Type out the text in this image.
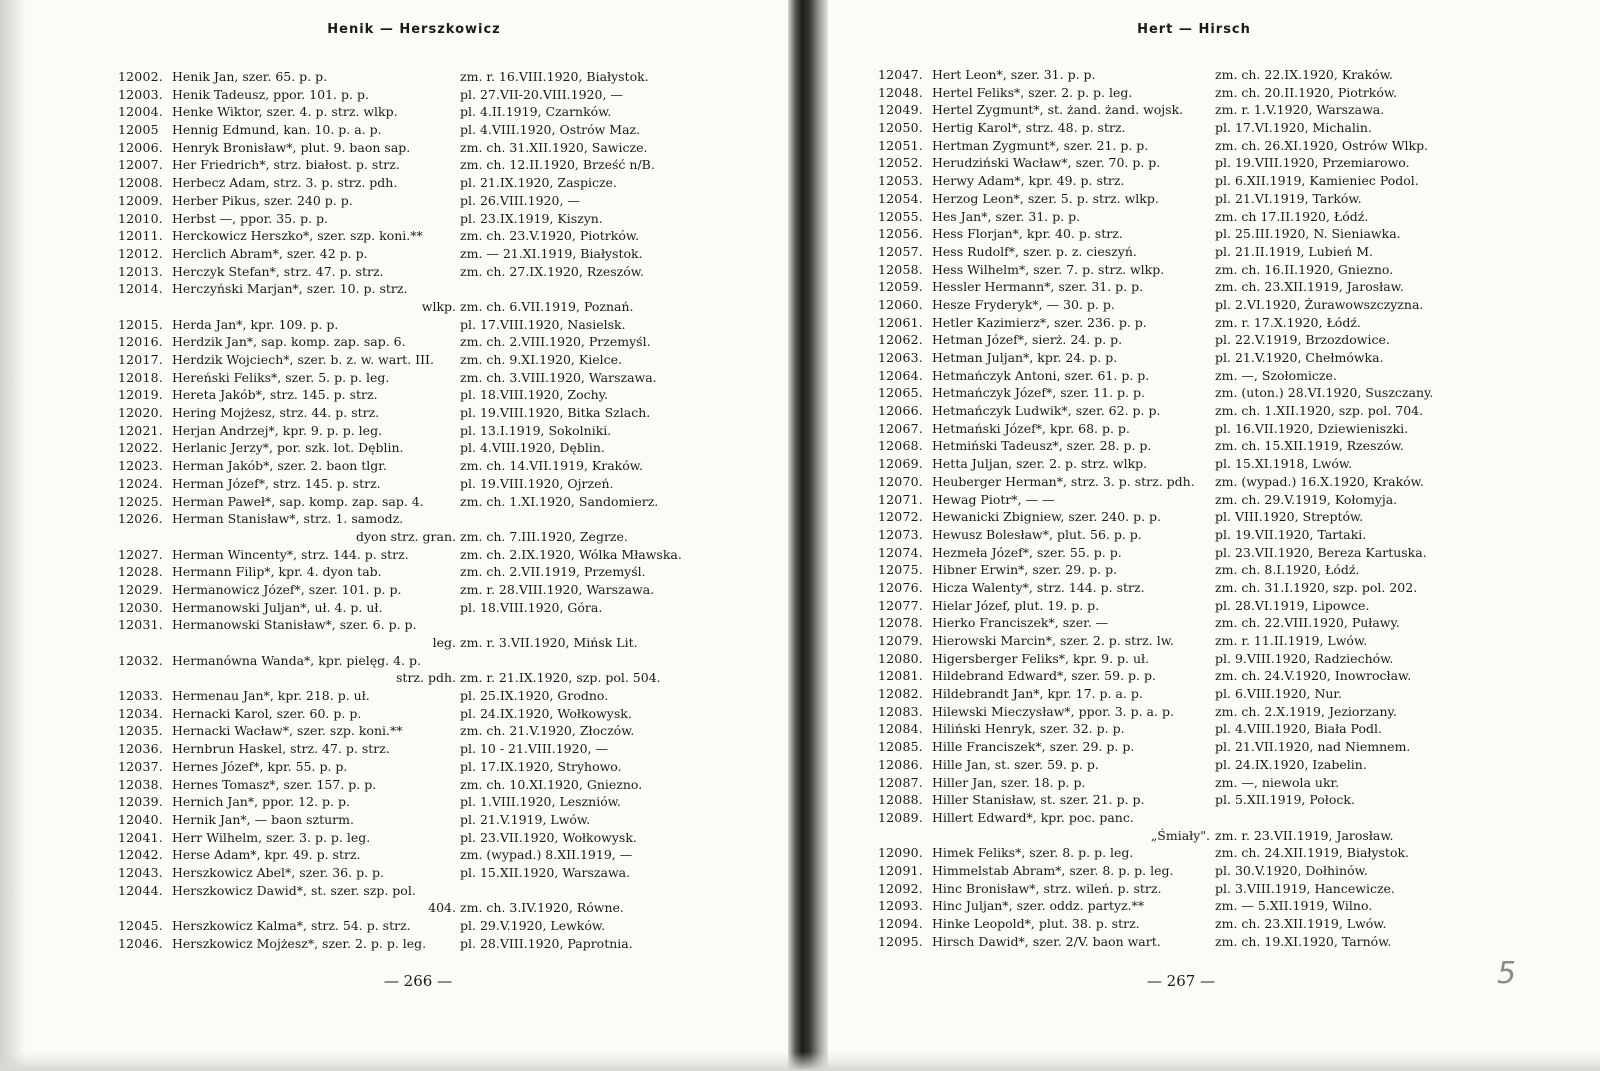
Henik — Herszkowicz
12002. Henik Jan, szer. 65. p. p.	zm. r. 16.VIII.1920, Białystok.
12003. Henik Tadeusz, ppor. 101. p. p.	pl. 27.VII-20.VIII.1920, —
12004. Henke Wiktor, szer. 4. p. strz. wlkp.	pl. 4.II.1919, Czarnków.
12005	Hennig Edmund, kan. 10. p. a. p.	pl. 4.VIII.1920, Ostrów Maz.
12006. Henryk Bronisław*, plut. 9. baon sap.	zm. ch. 31.XII.1920, Sawicze.
12007. Her Friedrich*, strz. białost. p. strz.	zm. ch. 12.II.1920, Brześć n/B.
12008. Herbecz Adam, strz. 3. p. strz. pdh.	pl. 21.IX.1920, Zaspicze.
12009. Herber Pikus, szer. 240 p. p.	pl. 26.VIII.1920, —
12010. Herbst —, ppor. 35. p. p.	pl. 23.IX.1919, Kiszyn.
12011. Herckowicz Herszko*, szer. szp. koni.**	zm. ch. 23.V.1920, Piotrków.
12012. Herclich Abram*, szer. 42 p. p.	zm. — 21.XI.1919, Białystok.
12013. Herczyk Stefan*, strz. 47. p. strz.	zm. ch. 27.IX.1920, Rzeszów.
12014. Herczyński Marjan*, szer. 10. p. strz.
wlkp. zm. ch. 6.VII.1919, Poznań.
12015. Herda Jan*, kpr. 109. p. p.	pl. 17.VIII.1920, Nasielsk.
12016. Herdzik Jan*, sap. komp. zap. sap. 6.	zm. ch. 2.VIII.1920, Przemyśl.
12017. Herdzik Wojciech*, szer. b. z. w. wart. III. zm. ch. 9.XI.1920, Kielce.
12018. Hereński Feliks*, szer. 5. p. p. leg.	zm. ch. 3.VIII.1920, Warszawa.
12019. Hereta Jakób*, strz. 145. p. strz.	pl. 18.VIII.1920, Zochy.
12020. Hering Mojżesz, strz. 44. p. strz.	pl. 19.VIII.1920, Bitka Szlach.
12021. Herjan Andrzej*, kpr. 9. p. p. leg.	pl. 13.I.1919, Sokolniki.
12022. Herlanic Jerzy*, por. szk. lot. Dęblin.	pl. 4.VIII.1920, Dęblin.
12023. Herman Jakób*, szer. 2. baon tlgr.	zm. ch. 14.VII.1919, Kraków.
12024. Herman Józef*, strz. 145. p. strz.	pl. 19.VIII.1920, Ojrzeń.
12025. Herman Paweł*, sap. komp. zap. sap. 4.	zm. ch. 1.XI.1920, Sandomierz.
12026. Herman Stanisław*, strz. 1. samodz.
dyon strz. gran. zm. ch. 7.III.1920, Zegrze.
12027. Herman Wincenty*, strz. 144. p. strz.	zm. ch. 2.IX.1920, Wólka Mławska.
12028. Hermann Filip*, kpr. 4. dyon tab.	zm. ch. 2.VII.1919, Przemyśl.
12029. Hermanowicz Józef*, szer. 101. p. p.	zm. r. 28.VIII.1920, Warszawa.
12030. Hermanowski Juljan*, uł. 4. p. uł.	pl. 18.VIII.1920, Góra.
12031. Hermanowski Stanisław*, szer. 6. p. p.
leg. zm. r. 3.VII.1920, Mińsk Lit.
12032. Hermanówna Wanda*, kpr. pielęg. 4. p.
strz. pdh. zm. r. 21.IX.1920, szp. pol. 504.
12033. Hermenau Jan*, kpr. 218. p. uł.	pl. 25.IX.1920, Grodno.
12034. Hernacki Karol, szer. 60. p. p.	pl. 24.IX.1920, Wołkowysk.
12035. Hernacki Wacław*, szer. szp. koni.**	zm. ch. 21.V.1920, Złoczów.
12036. Hernbrun Haskel, strz. 47. p. strz.	pl. 10 - 21.VIII.1920, —
12037. Hernes Józef*, kpr. 55. p. p.	pl. 17.IX.1920, Stryhowo.
12038. Hernes Tomasz*, szer. 157. p. p.	zm. ch. 10.XI.1920, Gniezno.
12039. Hernich Jan*, ppor. 12. p. p.	pl. 1.VIII.1920, Leszniów.
12040. Hernik Jan*, — baon szturm.	pl. 21.V.1919, Lwów.
12041. Herr Wilhelm, szer. 3. p. p. leg.	pl. 23.VII.1920, Wołkowysk.
12042. Herse Adam*, kpr. 49. p. strz.	zm. (wypad.) 8.XII.1919, —
12043. Herszkowicz Abel*, szer. 36. p. p.	pl. 15.XII.1920, Warszawa.
12044. Herszkowicz Dawid*, st. szer. szp. pol.
404. zm. ch. 3.IV.1920, Równe.
12045. Herszkowicz Kalma*, strz. 54. p. strz.	pl. 29.V.1920, Lewków.
12046. Herszkowicz Mojżesz*, szer. 2. p. p. leg.	pl. 28.VIII.1920, Paprotnia.
— 266 —
Hert — Hirsch
12047. Hert Leon*, szer. 31. p. p.	zm. ch. 22.IX.1920, Kraków.
12048. Hertel Feliks*, szer. 2. p. p. leg.	zm. ch. 20.II.1920, Piotrków.
12049. Hertel Zygmunt*, st. żand. żand. wojsk.	zm. r. 1.V.1920, Warszawa.
12050. Hertig Karol*, strz. 48. p. strz.	pl. 17.VI.1920, Michalin.
12051. Hertman Zygmunt*, szer. 21. p. p.	zm. ch. 26.XI.1920, Ostrów Wlkp.
12052. Herudziński Wacław*, szer. 70. p. p.	pl. 19.VIII.1920, Przemiarowo.
12053. Herwy Adam*, kpr. 49. p. strz.	pl. 6.XII.1919, Kamieniec Podol.
12054. Herzog Leon*, szer. 5. p. strz. wlkp.	pl. 21.VI.1919, Tarków.
12055. Hes Jan*, szer. 31. p. p.	zm. ch 17.II.1920, Łódź.
12056. Hess Florjan*, kpr. 40. p. strz.	pl. 25.III.1920, N. Sieniawka.
12057. Hess Rudolf*, szer. p. z. cieszyń.	pl. 21.II.1919, Lubień M.
12058. Hess Wilhelm*, szer. 7. p. strz. wlkp.	zm. ch. 16.II.1920, Gniezno.
12059. Hessler Hermann*, szer. 31. p. p.	zm. ch. 23.XII.1919, Jarosław.
12060. Hesze Fryderyk*, — 30. p. p.	pl. 2.VI.1920, Żurawowszczyzna.
12061. Hetler Kazimierz*, szer. 236. p. p.	zm. r. 17.X.1920, Łódź.
12062. Hetman Józef*, sierż. 24. p. p.	pl. 22.V.1919, Brzozdowice.
12063. Hetman Juljan*, kpr. 24. p. p.	pl. 21.V.1920, Chełmówka.
12064. Hetmańczyk Antoni, szer. 61. p. p.	zm. —, Szołomicze.
12065. Hetmańczyk Józef*, szer. 11. p. p.	zm. (uton.) 28.VI.1920, Suszczany.
12066. Hetmańczyk Ludwik*, szer. 62. p. p.	zm. ch. 1.XII.1920, szp. pol. 704.
12067. Hetmański Józef*, kpr. 68. p. p.	pl. 16.VII.1920, Dziewieniszki.
12068. Hetmiński Tadeusz*, szer. 28. p. p.	zm. ch. 15.XII.1919, Rzeszów.
12069. Hetta Juljan, szer. 2. p. strz. wlkp.	pl. 15.XI.1918, Lwów.
12070. Heuberger Herman*, strz. 3. p. strz. pdh. zm. (wypad.) 16.X.1920, Kraków.
12071. Hewag Piotr*, — —	zm. ch. 29.V.1919, Kołomyja.
12072. Hewanicki Zbigniew, szer. 240. p. p.	pl. VIII.1920, Streptów.
12073. Hewusz Bolesław*, plut. 56. p. p.	pl. 19.VII.1920, Tartaki.
12074. Hezmeła Józef*, szer. 55. p. p.	pl. 23.VII.1920, Bereza Kartuska.
12075. Hibner Erwin*, szer. 29. p. p.	zm. ch. 8.I.1920, Łódź.
12076. Hicza Walenty*, strz. 144. p. strz.	zm. ch. 31.I.1920, szp. pol. 202.
12077. Hielar Józef, plut. 19. p. p.	pl. 28.VI.1919, Lipowce.
12078. Hierko Franciszek*, szer. —	zm. ch. 22.VIII.1920, Puławy.
12079. Hierowski Marcin*, szer. 2. p. strz. lw.	zm. r. 11.II.1919, Lwów.
12080. Higersberger Feliks*, kpr. 9. p. uł.	pl. 9.VIII.1920, Radziechów.
12081. Hildebrand Edward*, szer. 59. p. p.	zm. ch. 24.V.1920, Inowrocław.
12082. Hildebrandt Jan*, kpr. 17. p. a. p.	pl. 6.VIII.1920, Nur.
12083. Hilewski Mieczysław*, ppor. 3. p. a. p.	zm. ch. 2.X.1919, Jeziorzany.
12084. Hiliński Henryk, szer. 32. p. p.	pl. 4.VIII.1920, Biała Podl.
12085. Hille Franciszek*, szer. 29. p. p.	pl. 21.VII.1920, nad Niemnem.
12086. Hille Jan, st. szer. 59. p. p.	pl. 24.IX.1920, Izabelin.
12087. Hiller Jan, szer. 18. p. p.	zm. —, niewola ukr.
12088. Hiller Stanisław, st. szer. 21. p. p.	pl. 5.XII.1919, Połock.
12089. Hillert Edward*, kpr. poc. panc.
„Śmiały". zm. r. 23.VII.1919, Jarosław.
12090. Himek Feliks*, szer. 8. p. p. leg.	zm. ch. 24.XII.1919, Białystok.
12091. Himmelstab Abram*, szer. 8. p. p. leg.	pl. 30.V.1920, Dołhinów.
12092. Hinc Bronisław*, strz. wileń. p. strz.	pl. 3.VIII.1919, Hancewicze.
12093. Hinc Juljan*, szer. oddz. partyz.**	zm. — 5.XII.1919, Wilno.
12094. Hinke Leopold*, plut. 38. p. strz.	zm. ch. 23.XII.1919, Lwów.
12095. Hirsch Dawid*, szer. 2/V. baon wart.	zm. ch. 19.XI.1920, Tarnów.
— 267 —	5
